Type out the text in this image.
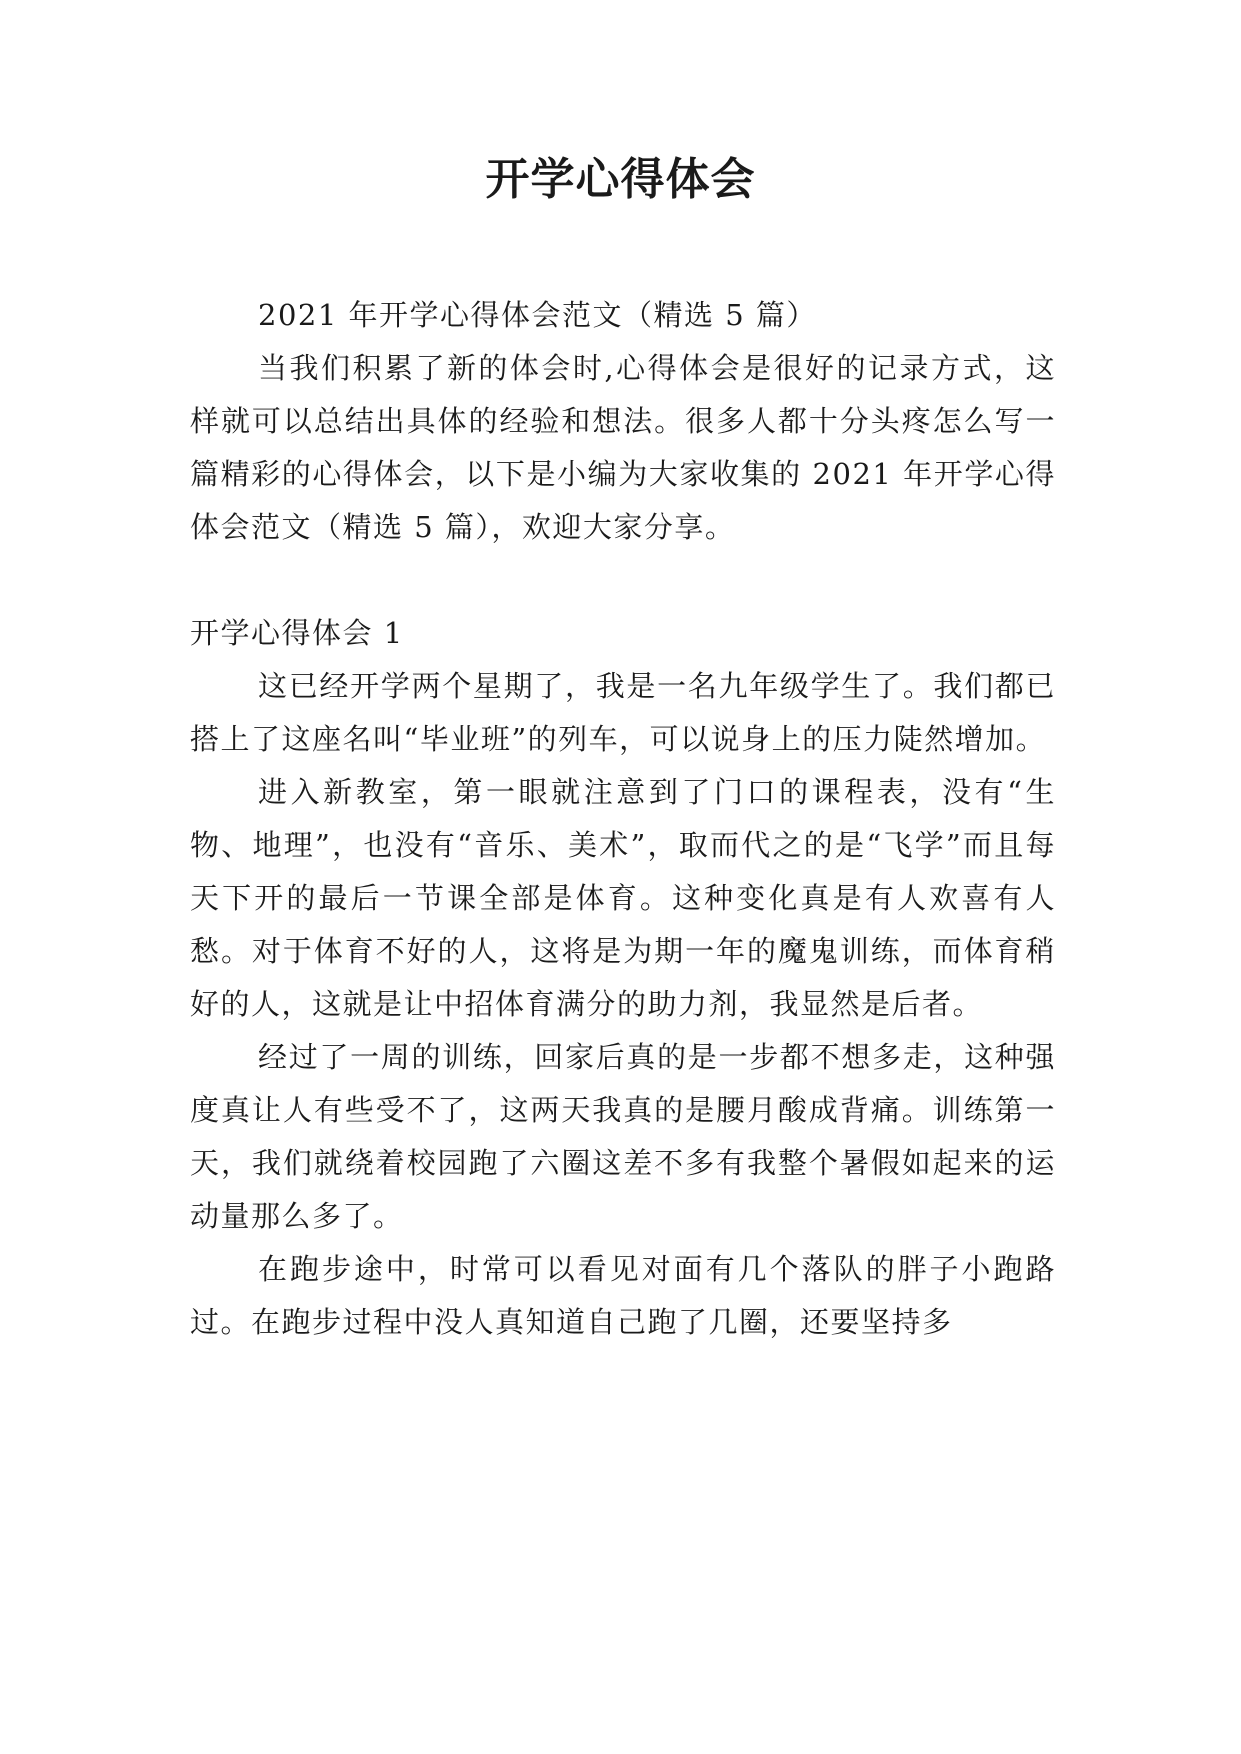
开学心得体会

2021 年开学心得体会范文（精选 5 篇）

当我们积累了新的体会时,心得体会是很好的记录方式，这样就可以总结出具体的经验和想法。很多人都十分头疼怎么写一篇精彩的心得体会，以下是小编为大家收集的 2021 年开学心得体会范文（精选 5 篇），欢迎大家分享。

开学心得体会 1

这已经开学两个星期了，我是一名九年级学生了。我们都已搭上了这座名叫“毕业班”的列车，可以说身上的压力陡然增加。

进入新教室，第一眼就注意到了门口的课程表，没有“生物、地理”，也没有“音乐、美术”，取而代之的是“飞学”而且每天下开的最后一节课全部是体育。这种变化真是有人欢喜有人愁。对于体育不好的人，这将是为期一年的魔鬼训练，而体育稍好的人，这就是让中招体育满分的助力剂，我显然是后者。

经过了一周的训练，回家后真的是一步都不想多走，这种强度真让人有些受不了，这两天我真的是腰月酸成背痛。训练第一天，我们就绕着校园跑了六圈这差不多有我整个暑假如起来的运动量那么多了。

在跑步途中，时常可以看见对面有几个落队的胖子小跑路过。在跑步过程中没人真知道自己跑了几圈，还要坚持多
